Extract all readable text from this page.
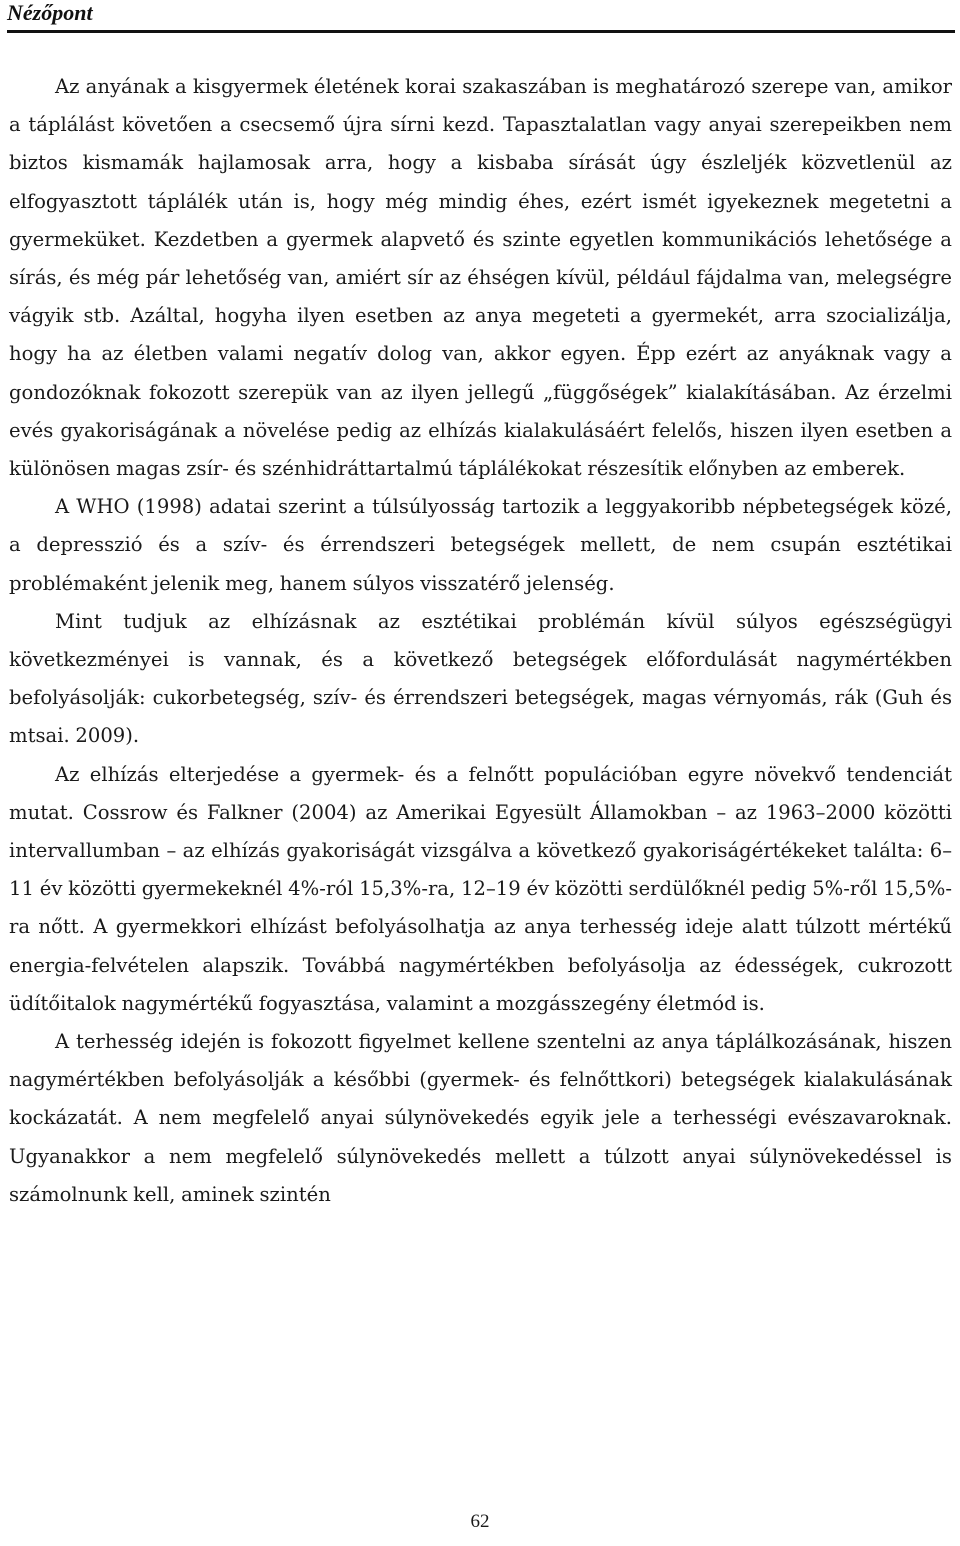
Nézőpont

Az anyának a kisgyermek életének korai szakaszában is meghatározó szerepe van, amikor a táplálást követően a csecsemő újra sírni kezd. Tapasztalatlan vagy anyai szerepeikben nem biztos kismamák hajlamosak arra, hogy a kisbaba sírását úgy észleljék közvetlenül az elfogyasztott táplálék után is, hogy még mindig éhes, ezért ismét igyekeznek megetetni a gyermeküket. Kezdetben a gyermek alapvető és szinte egyetlen kommunikációs lehetősége a sírás, és még pár lehetőség van, amiért sír az éhségen kívül, például fájdalma van, melegségre vágyik stb. Azáltal, hogyha ilyen esetben az anya megeteti a gyermekét, arra szocializálja, hogy ha az életben valami negatív dolog van, akkor egyen. Épp ezért az anyáknak vagy a gondozóknak fokozott szerepük van az ilyen jellegű „függőségek” kialakításában. Az érzelmi evés gyakoriságának a növelése pedig az elhízás kialakulásáért felelős, hiszen ilyen esetben a különösen magas zsír- és szénhidráttartalmú táplálékokat részesítik előnyben az emberek.

A WHO (1998) adatai szerint a túlsúlyosság tartozik a leggyakoribb népbetegségek közé, a depresszió és a szív- és érrendszeri betegségek mellett, de nem csupán esztétikai problémaként jelenik meg, hanem súlyos visszatérő jelenség.

Mint tudjuk az elhízásnak az esztétikai problémán kívül súlyos egészségügyi következményei is vannak, és a következő betegségek előfordulását nagymértékben befolyásolják: cukorbetegség, szív- és érrendszeri betegségek, magas vérnyomás, rák (Guh és mtsai. 2009).

Az elhízás elterjedése a gyermek- és a felnőtt populációban egyre növekvő tendenciát mutat. Cossrow és Falkner (2004) az Amerikai Egyesült Államokban – az 1963–2000 közötti intervallumban – az elhízás gyakoriságát vizsgálva a következő gyakoriságértékeket találta: 6–11 év közötti gyermekeknél 4%-ról 15,3%-ra, 12–19 év közötti serdülőknél pedig 5%-ről 15,5%-ra nőtt. A gyermekkori elhízást befolyásolhatja az anya terhesség ideje alatt túlzott mértékű energia-felvételen alapszik. Továbbá nagymértékben befolyásolja az édességek, cukrozott üdítőitalok nagymértékű fogyasztása, valamint a mozgásszegény életmód is.

A terhesség idején is fokozott figyelmet kellene szentelni az anya táplálkozásának, hiszen nagymértékben befolyásolják a későbbi (gyermek- és felnőttkori) betegségek kialakulásának kockázatát. A nem megfelelő anyai súlynövekedés egyik jele a terhességi evészavaroknak. Ugyanakkor a nem megfelelő súlynövekedés mellett a túlzott anyai súlynövekedéssel is számolnunk kell, aminek szintén

62
